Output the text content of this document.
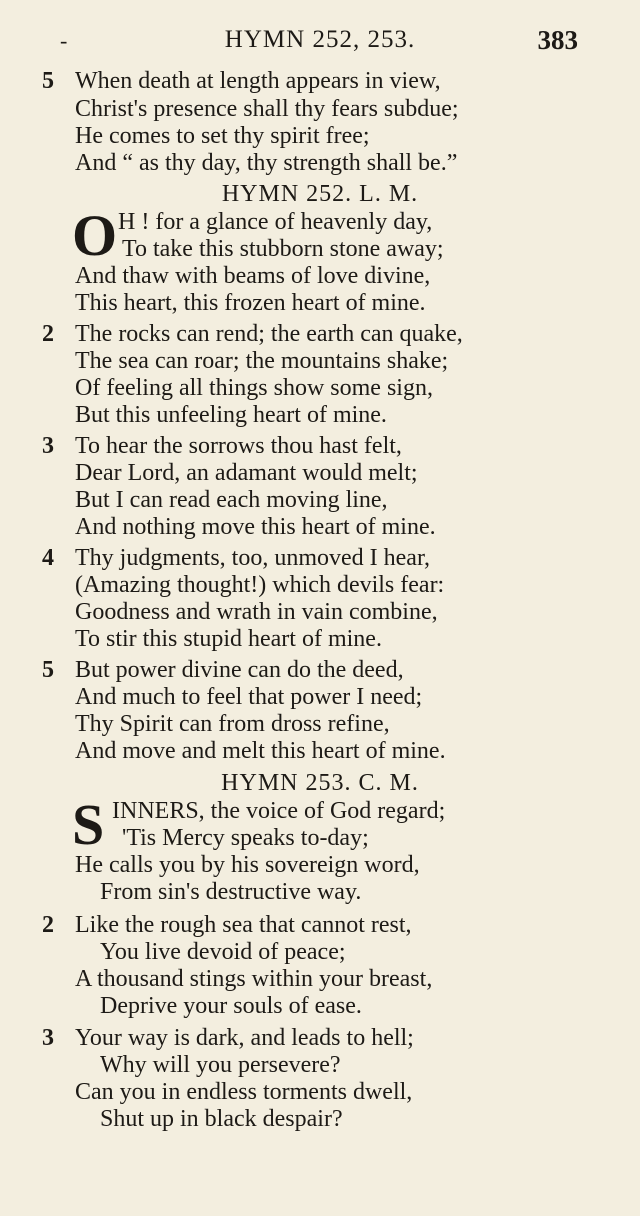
-	HYMN 252, 253.	383
5 When death at length appears in view,
Christ's presence shall thy fears subdue;
He comes to set thy spirit free;
And “ as thy day, thy strength shall be.”
HYMN 252. L. M.
O H ! for a glance of heavenly day,
To take this stubborn stone away;
And thaw with beams of love divine,
This heart, this frozen heart of mine.
2 The rocks can rend; the earth can quake,
The sea can roar; the mountains shake;
Of feeling all things show some sign,
But this unfeeling heart of mine.
3 To hear the sorrows thou hast felt,
Dear Lord, an adamant would melt;
But I can read each moving line,
And nothing move this heart of mine.
4 Thy judgments, too, unmoved I hear,
(Amazing thought!) which devils fear:
Goodness and wrath in vain combine,
To stir this stupid heart of mine.
5 But power divine can do the deed,
And much to feel that power I need;
Thy Spirit can from dross refine,
And move and melt this heart of mine.
HYMN 253. C. M.
S INNERS, the voice of God regard;
'Tis Mercy speaks to-day;
He calls you by his sovereign word,
From sin's destructive way.
2 Like the rough sea that cannot rest,
You live devoid of peace;
A thousand stings within your breast,
Deprive your souls of ease.
3 Your way is dark, and leads to hell;
Why will you persevere?
Can you in endless torments dwell,
Shut up in black despair?
